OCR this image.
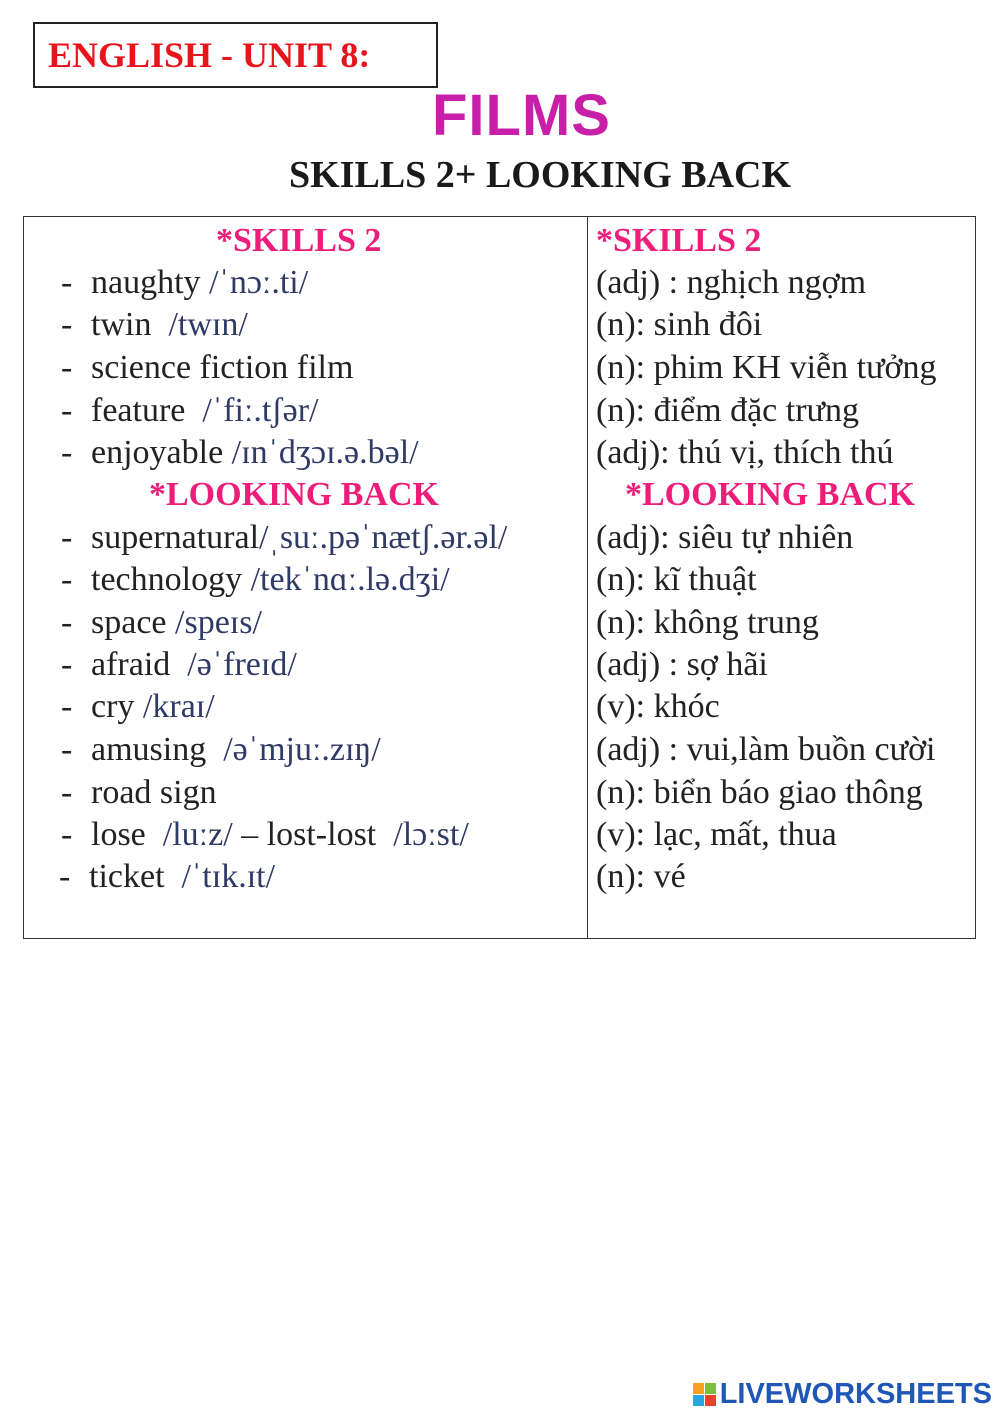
ENGLISH - UNIT 8:
FILMS
SKILLS 2+ LOOKING BACK
*SKILLS 2
- naughty /ˈnɔː.ti/
- twin /twɪn/
- science fiction film
- feature /ˈfiː.tʃər/
- enjoyable /ɪnˈdʒɔɪ.ə.bəl/
*LOOKING BACK
- supernatural/ˌsuː.pəˈnætʃ.ər.əl/
- technology /tekˈnɑː.lə.dʒi/
- space /speɪs/
- afraid /əˈfreɪd/
- cry /kraɪ/
- amusing /əˈmjuː.zɪŋ/
- road sign
- lose /luːz/ – lost-lost /lɔːst/
- ticket /ˈtɪk.ɪt/
*SKILLS 2
(adj) : nghịch ngợm
(n): sinh đôi
(n): phim KH viễn tưởng
(n): điểm đặc trưng
(adj): thú vị, thích thú
*LOOKING BACK
(adj): siêu tự nhiên
(n): kĩ thuật
(n): không trung
(adj) : sợ hãi
(v): khóc
(adj) : vui,làm buồn cười
(n): biển báo giao thông
(v): lạc, mất, thua
(n): vé
LIVEWORKSHEETS
